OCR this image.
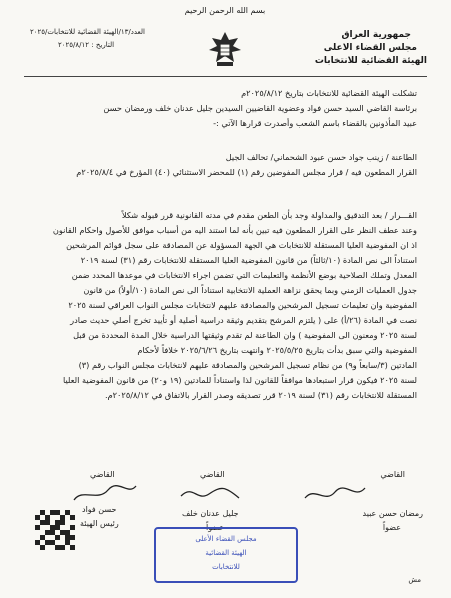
بسم الله الرحمن الرحيم
جمهورية العراق
مجلس القضاء الاعلى
الهيئة القضائية للانتخابات
العدد/١٣/الهيئة القضائية للانتخابات/٢٠٢٥
التاريخ : ٢٠٢٥/٨/١٢

تشكلت الهيئة القضائية للانتخابات بتاريخ ٢٠٢٥/٨/١٢م

برئاسة القاضي السيد حسن فواد وعضوية القاضيين السيدين جليل عدنان خلف ورمضان حسن

عبيد المأذونين بالقضاء باسم الشعب وأصدرت قرارها الآتي :-

الطاعنة / زينب جواد حسن عبود الشحماني/ تحالف الجيل

القرار المطعون فيه / قرار مجلس المفوضين رقم (١) للمحضر الاستثنائي (٤٠) المؤرخ في ٢٠٢٥/٨/٤م

القـــرار / بعد التدقيق والمداولة وجد بأن الطعن مقدم في مدته القانونية قرر قبوله شكلاً

وعند عطف النظر على القرار المطعون فيه تبين بأنه لما استند اليه من أسباب موافق للأصول واحكام القانون

اذ ان المفوضية العليا المستقلة للانتخابات هي الجهة المسؤولة عن المصادقة على سجل قوائم المرشحين

استناداً الى نص المادة (١٠/ثالثاً) من قانون المفوضية العليا المستقلة للانتخابات رقم (٣١) لسنة ٢٠١٩

المعدل وتملك الصلاحية بوضع الأنظمة والتعليمات التي تضمن اجراء الانتخابات في موعدها المحدد ضمن

جدول العمليات الزمني وبما يحقق نزاهة العملية الانتخابية استناداً الى نص المادة (١٠/أولاً) من قانون

المفوضية وان تعليمات تسجيل المرشحين والمصادقة عليهم لانتخابات مجلس النواب العراقي لسنة ٢٠٢٥

نصت في المادة (٢٦/أ) على ( يلتزم المرشح بتقديم وثيقة دراسية أصلية أو تأييد تخرج أصلي حديث صادر

لسنة ٢٠٢٥ ومعنون الى المفوضية ) وان الطاعنة لم تقدم وثيقتها الدراسية خلال المدة المحددة من قبل

المفوضية والتي سبق بدأت بتاريخ ٢٠٢٥/٥/٢٥ وانتهت بتاريخ ٢٠٢٥/٦/٢٦ خلافاً لأحكام

المادتين (٣/سابعاً و٩) من نظام تسجيل المرشحين والمصادقة عليهم لانتخابات مجلس النواب رقم (٣)

لسنة ٢٠٢٥ فيكون قرار استبعادها موافقاً للقانون لذا واستناداً للمادتين (١٩ و٢٠) من قانون المفوضية العليا

المستقلة للانتخابات رقم (٣١) لسنة ٢٠١٩ قرر تصديقه وصدر القرار بالاتفاق في ٢٠٢٥/٨/١٢م.

القاضي
رمضان حسن عبيد
عضواً
القاضي
جليل عدنان خلف
عضواً
القاضي
حسن فواد
رئيس الهيئة
مجلس القضاء الأعلى
الهيئة القضائية
للانتخابات
مش
